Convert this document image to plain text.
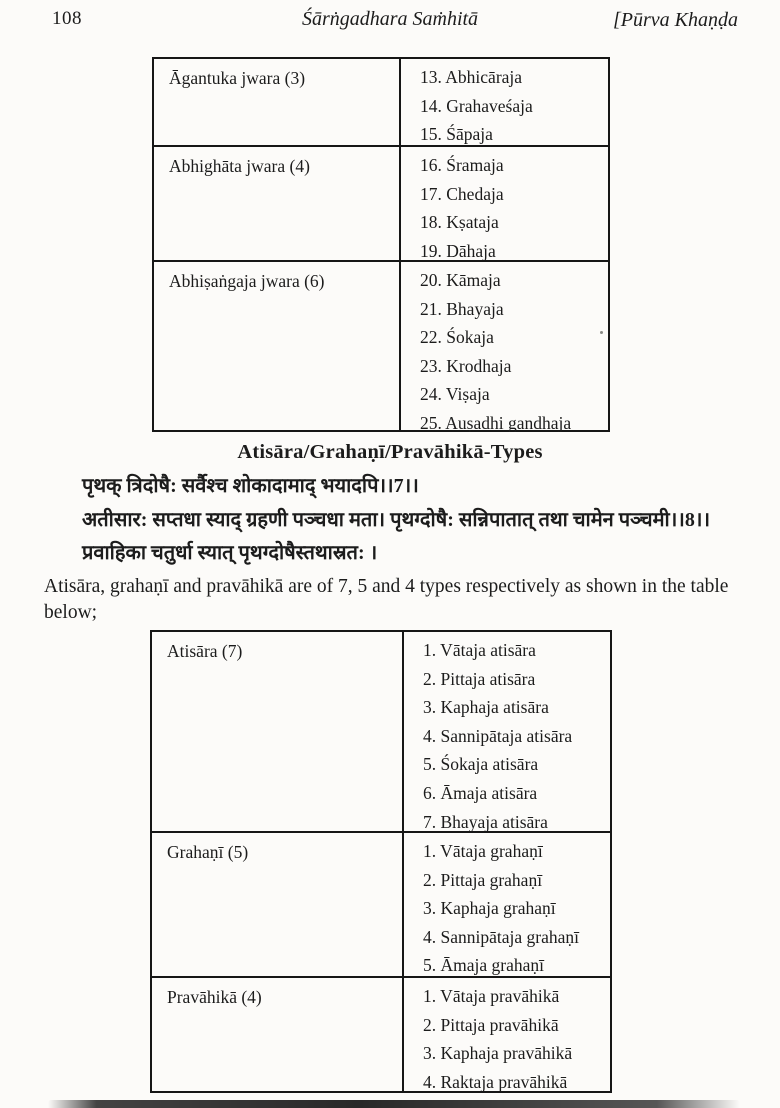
108	Śārṅgadhara Saṁhitā	[Pūrva Khaṇḍa
Āgantuka jwara (3)	13. Abhicāraja
14. Grahaveśaja
15. Śāpaja
Abhighāta jwara (4)	16. Śramaja
17. Chedaja
18. Kṣataja
19. Dāhaja
Abhiṣaṅgaja jwara (6)	20. Kāmaja
21. Bhayaja
22. Śokaja
23. Krodhaja
24. Viṣaja
25. Auṣadhi gandhaja
Atisāra/Grahaṇī/Pravāhikā-Types
पृथक् त्रिदोषै: सर्वैश्च शोकादामाद् भयादपि।।7।।
अतीसार: सप्तधा स्याद् ग्रहणी पञ्चधा मता। पृथग्दोषै: सन्निपातात् तथा चामेन पञ्चमी।।8।।
प्रवाहिका चतुर्धा स्यात् पृथग्दोषैस्तथास्रत: ।
Atisāra, grahaṇī and pravāhikā are of 7, 5 and 4 types respectively as shown in the table below;
Atisāra (7)	1. Vātaja atisāra
2. Pittaja atisāra
3. Kaphaja atisāra
4. Sannipātaja atisāra
5. Śokaja atisāra
6. Āmaja atisāra
7. Bhayaja atisāra
Grahaṇī (5)	1. Vātaja grahaṇī
2. Pittaja grahaṇī
3. Kaphaja grahaṇī
4. Sannipātaja grahaṇī
5. Āmaja grahaṇī
Pravāhikā (4)	1. Vātaja pravāhikā
2. Pittaja pravāhikā
3. Kaphaja pravāhikā
4. Raktaja pravāhikā
